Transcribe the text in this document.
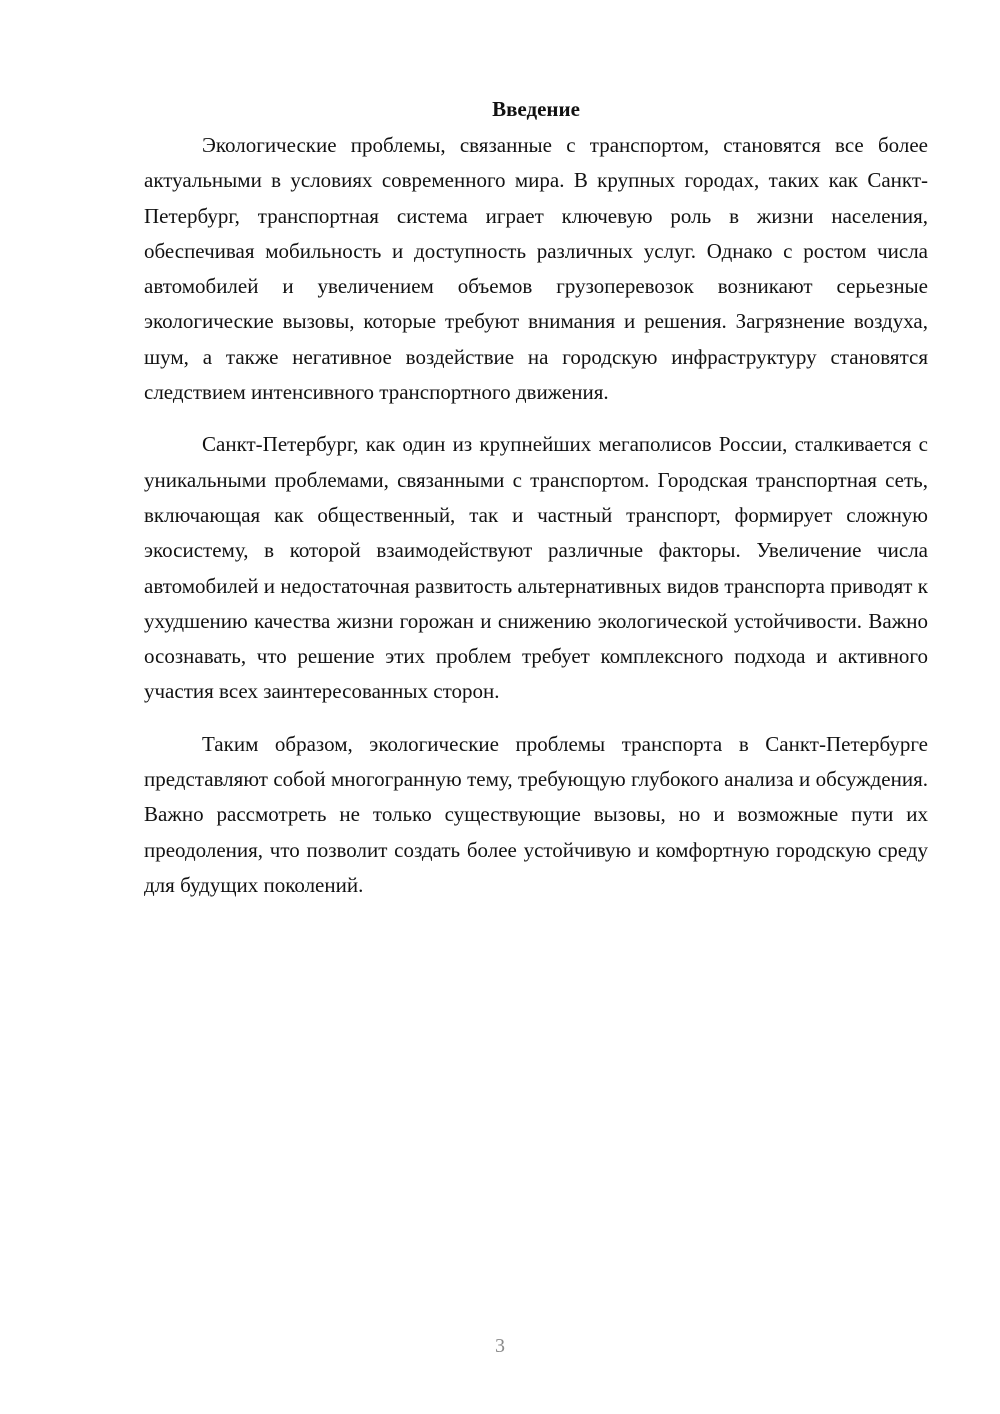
Введение

Экологические проблемы, связанные с транспортом, становятся все более актуальными в условиях современного мира. В крупных городах, таких как Санкт-Петербург, транспортная система играет ключевую роль в жизни населения, обеспечивая мобильность и доступность различных услуг. Однако с ростом числа автомобилей и увеличением объемов грузоперевозок возникают серьезные экологические вызовы, которые требуют внимания и решения. Загрязнение воздуха, шум, а также негативное воздействие на городскую инфраструктуру становятся следствием интенсивного транспортного движения.

Санкт-Петербург, как один из крупнейших мегаполисов России, сталкивается с уникальными проблемами, связанными с транспортом. Городская транспортная сеть, включающая как общественный, так и частный транспорт, формирует сложную экосистему, в которой взаимодействуют различные факторы. Увеличение числа автомобилей и недостаточная развитость альтернативных видов транспорта приводят к ухудшению качества жизни горожан и снижению экологической устойчивости. Важно осознавать, что решение этих проблем требует комплексного подхода и активного участия всех заинтересованных сторон.

Таким образом, экологические проблемы транспорта в Санкт-Петербурге представляют собой многогранную тему, требующую глубокого анализа и обсуждения. Важно рассмотреть не только существующие вызовы, но и возможные пути их преодоления, что позволит создать более устойчивую и комфортную городскую среду для будущих поколений.

3
